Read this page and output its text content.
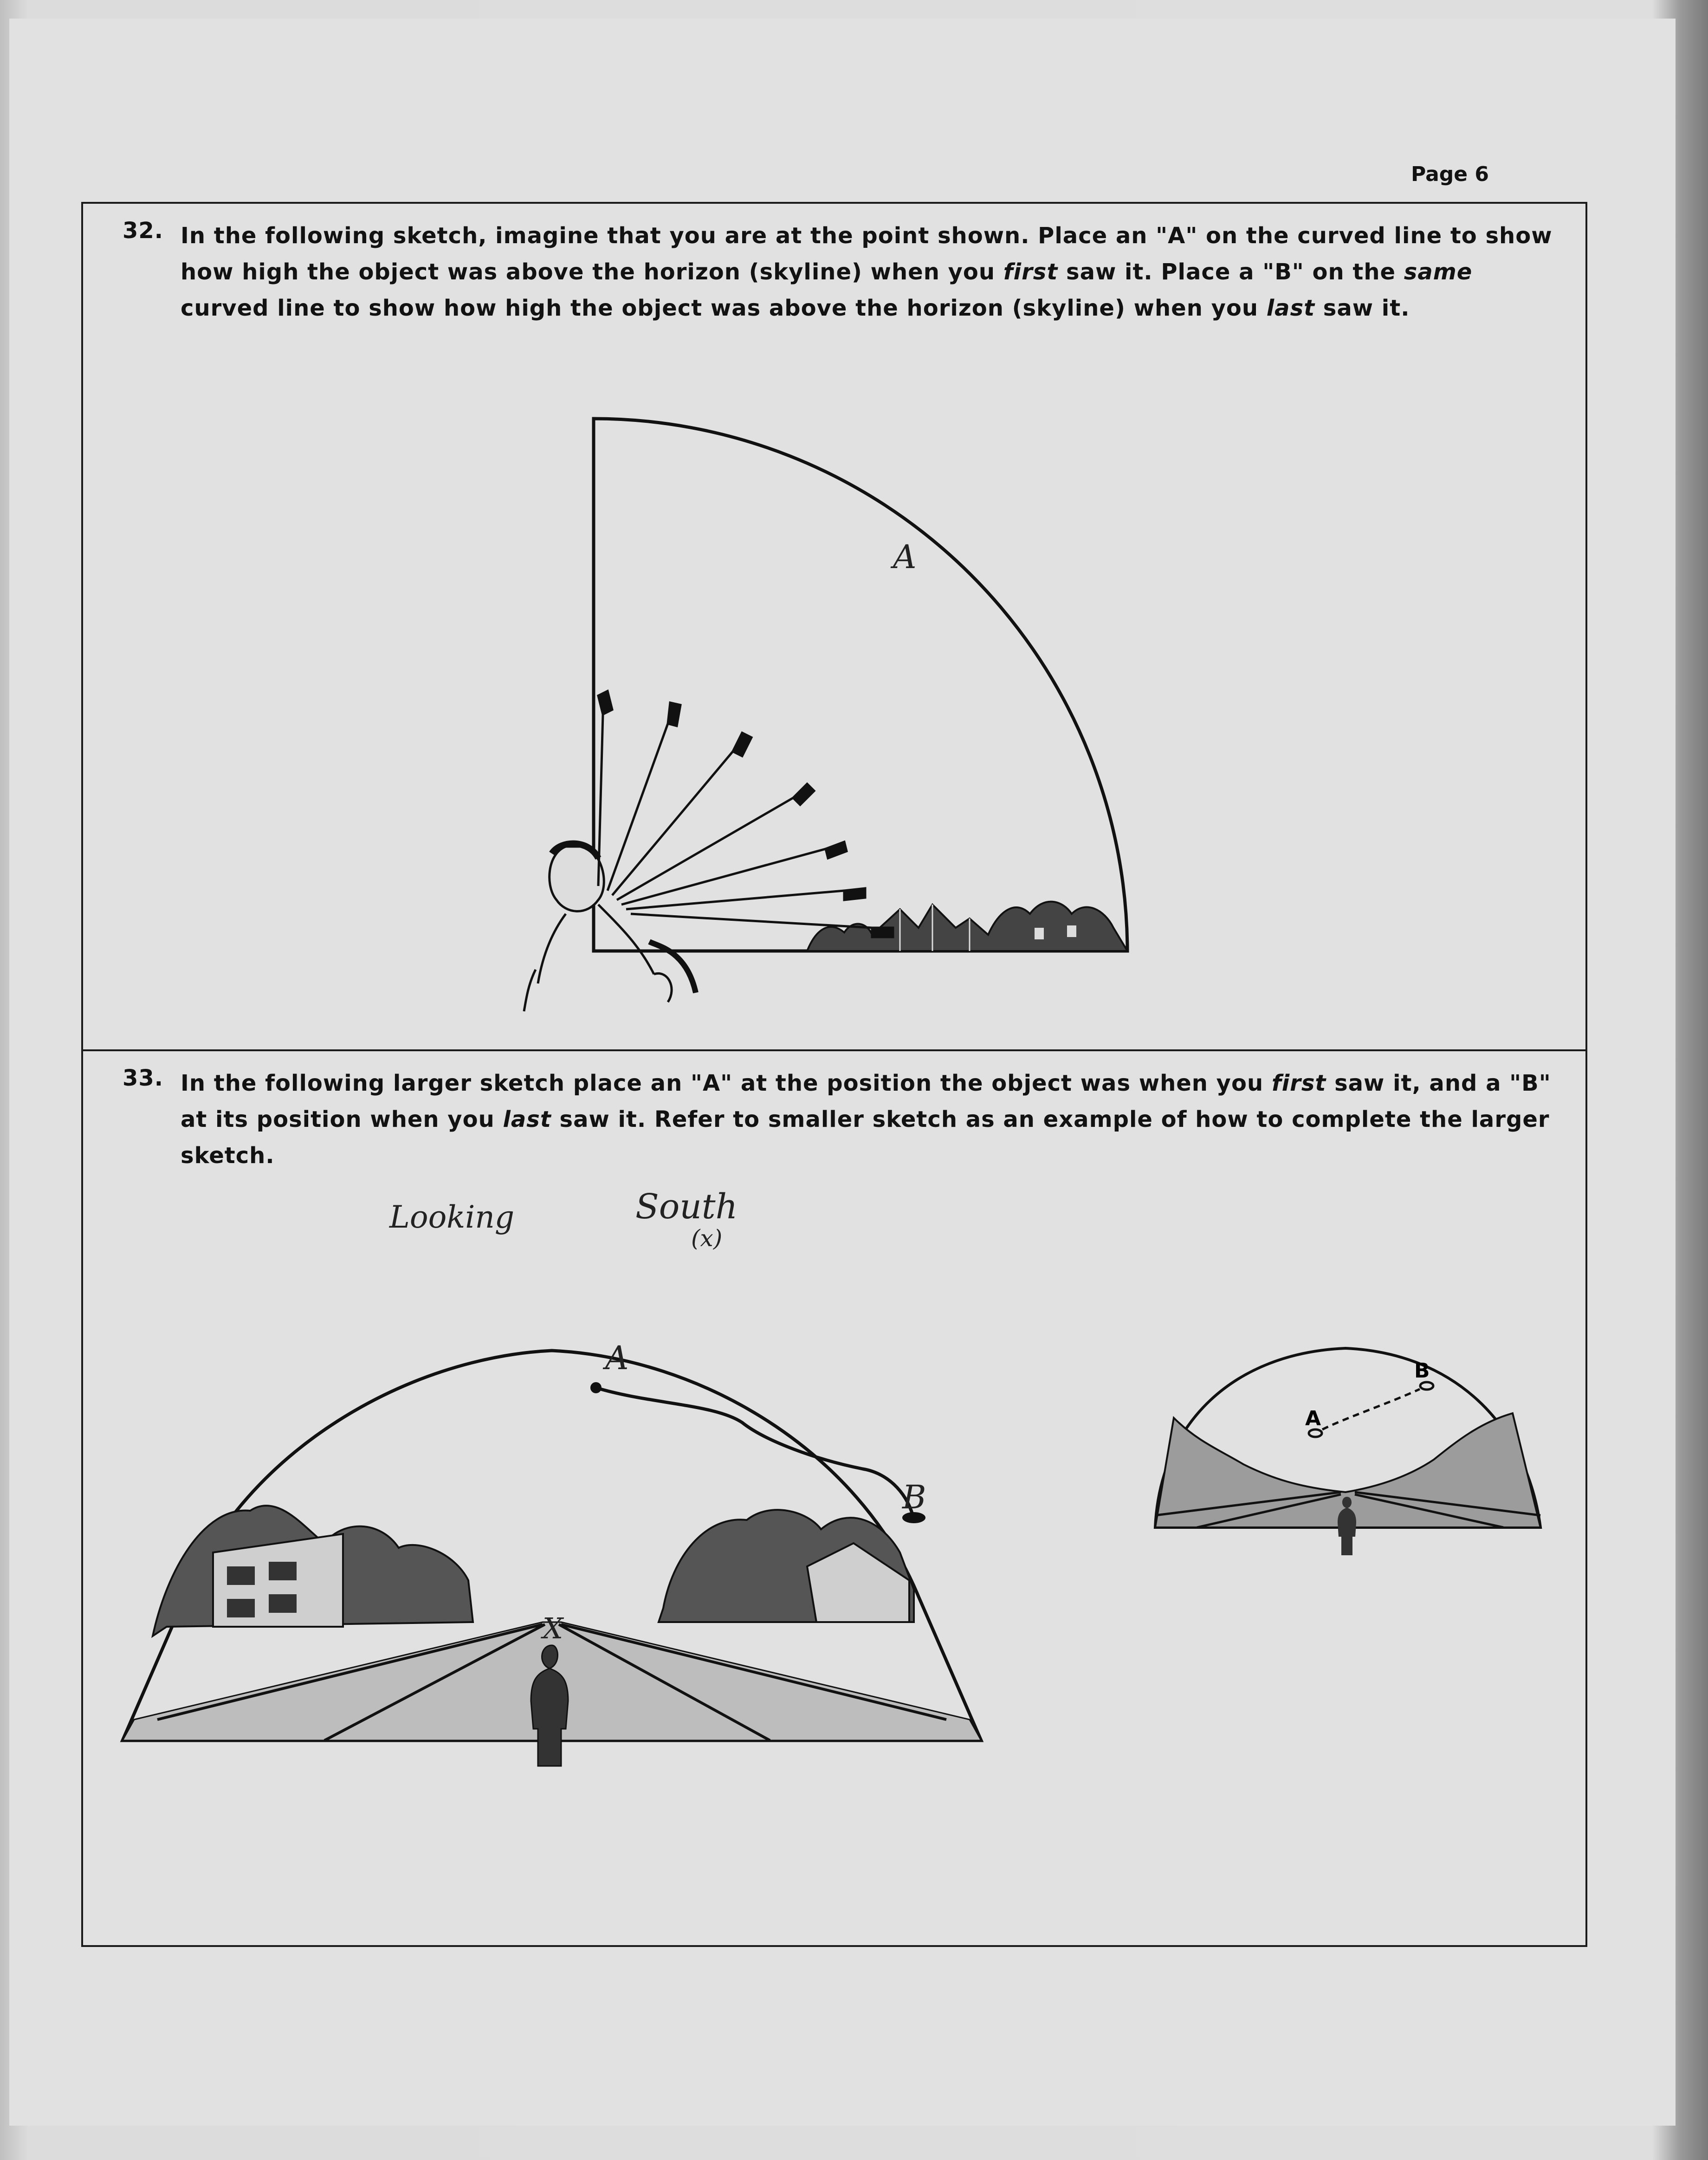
Page 6
32. In the following sketch, imagine that you are at the point shown. Place an "A" on the curved line to show how high the object was above the horizon (skyline) when you first saw it. Place a "B" on the same curved line to show how high the object was above the horizon (skyline) when you last saw it.
A
33. In the following larger sketch place an "A" at the position the object was when you first saw it, and a "B" at its position when you last saw it. Refer to smaller sketch as an example of how to complete the larger sketch.
Looking	South
(x)
A
B
X
A
B
